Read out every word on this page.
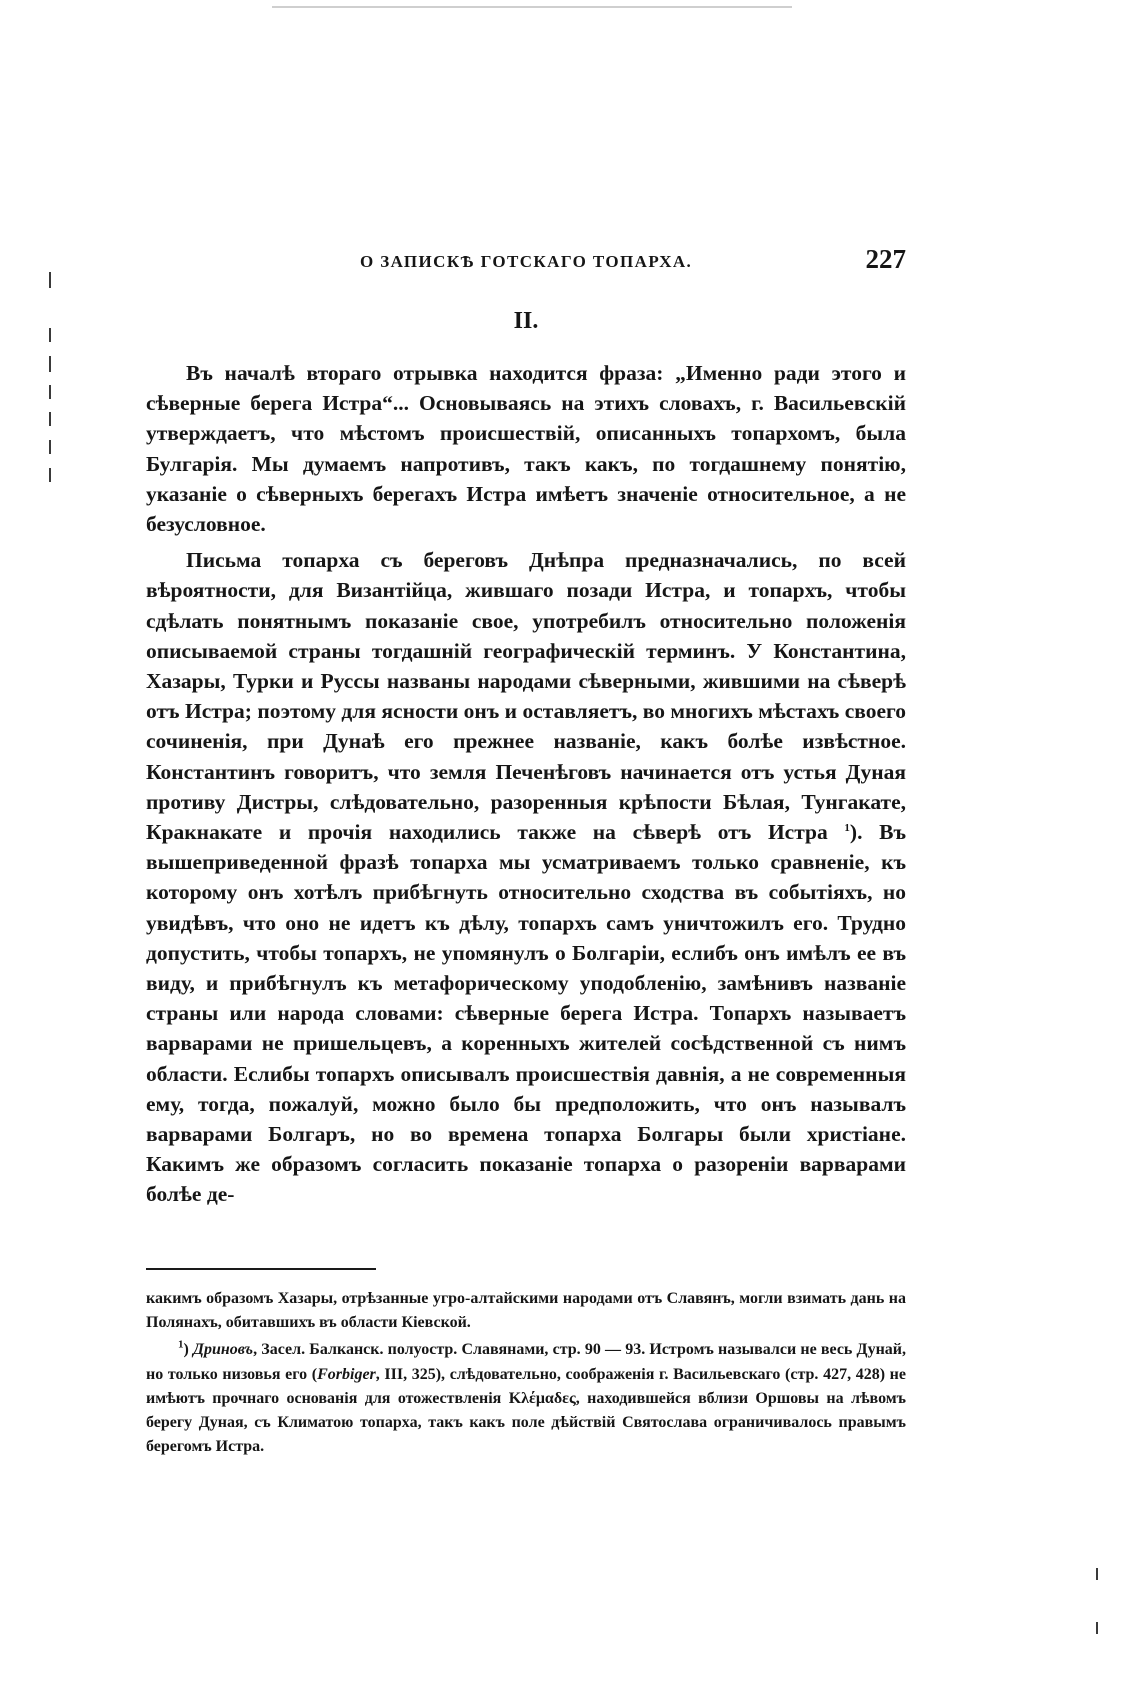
О ЗАПИСКѢ ГОТСКАГО ТОПАРХА.	227
II.

Въ началѣ втораго отрывка находится фраза: „Именно ради этого и сѣверные берега Истра“... Основываясь на этихъ словахъ, г. Васильевскій утверждаетъ, что мѣстомъ происшествій, описанныхъ топархомъ, была Булгарія. Мы думаемъ напротивъ, такъ какъ, по тогдашнему понятію, указаніе о сѣверныхъ берегахъ Истра имѣетъ значеніе относительное, а не безусловное.

Письма топарха съ береговъ Днѣпра предназначались, по всей вѣроятности, для Византійца, жившаго позади Истра, и топархъ, чтобы сдѣлать понятнымъ показаніе свое, употребилъ относительно положенія описываемой страны тогдашній географическій терминъ. У Константина, Хазары, Турки и Руссы названы народами сѣверными, жившими на сѣверѣ отъ Истра; поэтому для ясности онъ и оставляетъ, во многихъ мѣстахъ своего сочиненія, при Дунаѣ его прежнее названіе, какъ болѣе извѣстное. Константинъ говоритъ, что земля Печенѣговъ начинается отъ устья Дуная противу Дистры, слѣдовательно, разоренныя крѣпости Бѣлая, Тунгакате, Кракнакате и прочія находились также на сѣверѣ отъ Истра $^1$). Въ вышеприведенной фразѣ топарха мы усматриваемъ только сравненіе, къ которому онъ хотѣлъ прибѣгнуть относительно сходства въ событіяхъ, но увидѣвъ, что оно не идетъ къ дѣлу, топархъ самъ уничтожилъ его. Трудно допустить, чтобы топархъ, не упомянулъ о Болгаріи, еслибъ онъ имѣлъ ее въ виду, и прибѣгнулъ къ метафорическому уподобленію, замѣнивъ названіе страны или народа словами: сѣверные берега Истра. Топархъ называетъ варварами не пришельцевъ, а коренныхъ жителей сосѣдственной съ нимъ области. Еслибы топархъ описывалъ происшествія давнія, а не современныя ему, тогда, пожалуй, можно было бы предположить, что онъ называлъ варварами Болгаръ, но во времена топарха Болгары были христіане. Какимъ же образомъ согласить показаніе топарха о разореніи варварами болѣе де-

какимъ образомъ Хазары, отрѣзанные угро-алтайскими народами отъ Славянъ, могли взимать дань на Полянахъ, обитавшихъ въ области Кіевской.

$^1$) Дриновъ, Засел. Балканск. полуостр. Славянами, стр. 90 — 93. Истромъ называлси не весь Дунай, но только низовья его (Forbiger, III, 325), слѣдовательно, соображенія г. Васильевскаго (стр. 427, 428) не имѣютъ прочнаго основанія для отожествленія Κλέμαδες, находившейся вблизи Оршовы на лѣвомъ берегу Дуная, съ Климатою топарха, такъ какъ поле дѣйствій Святослава ограничивалось правымъ берегомъ Истра.
